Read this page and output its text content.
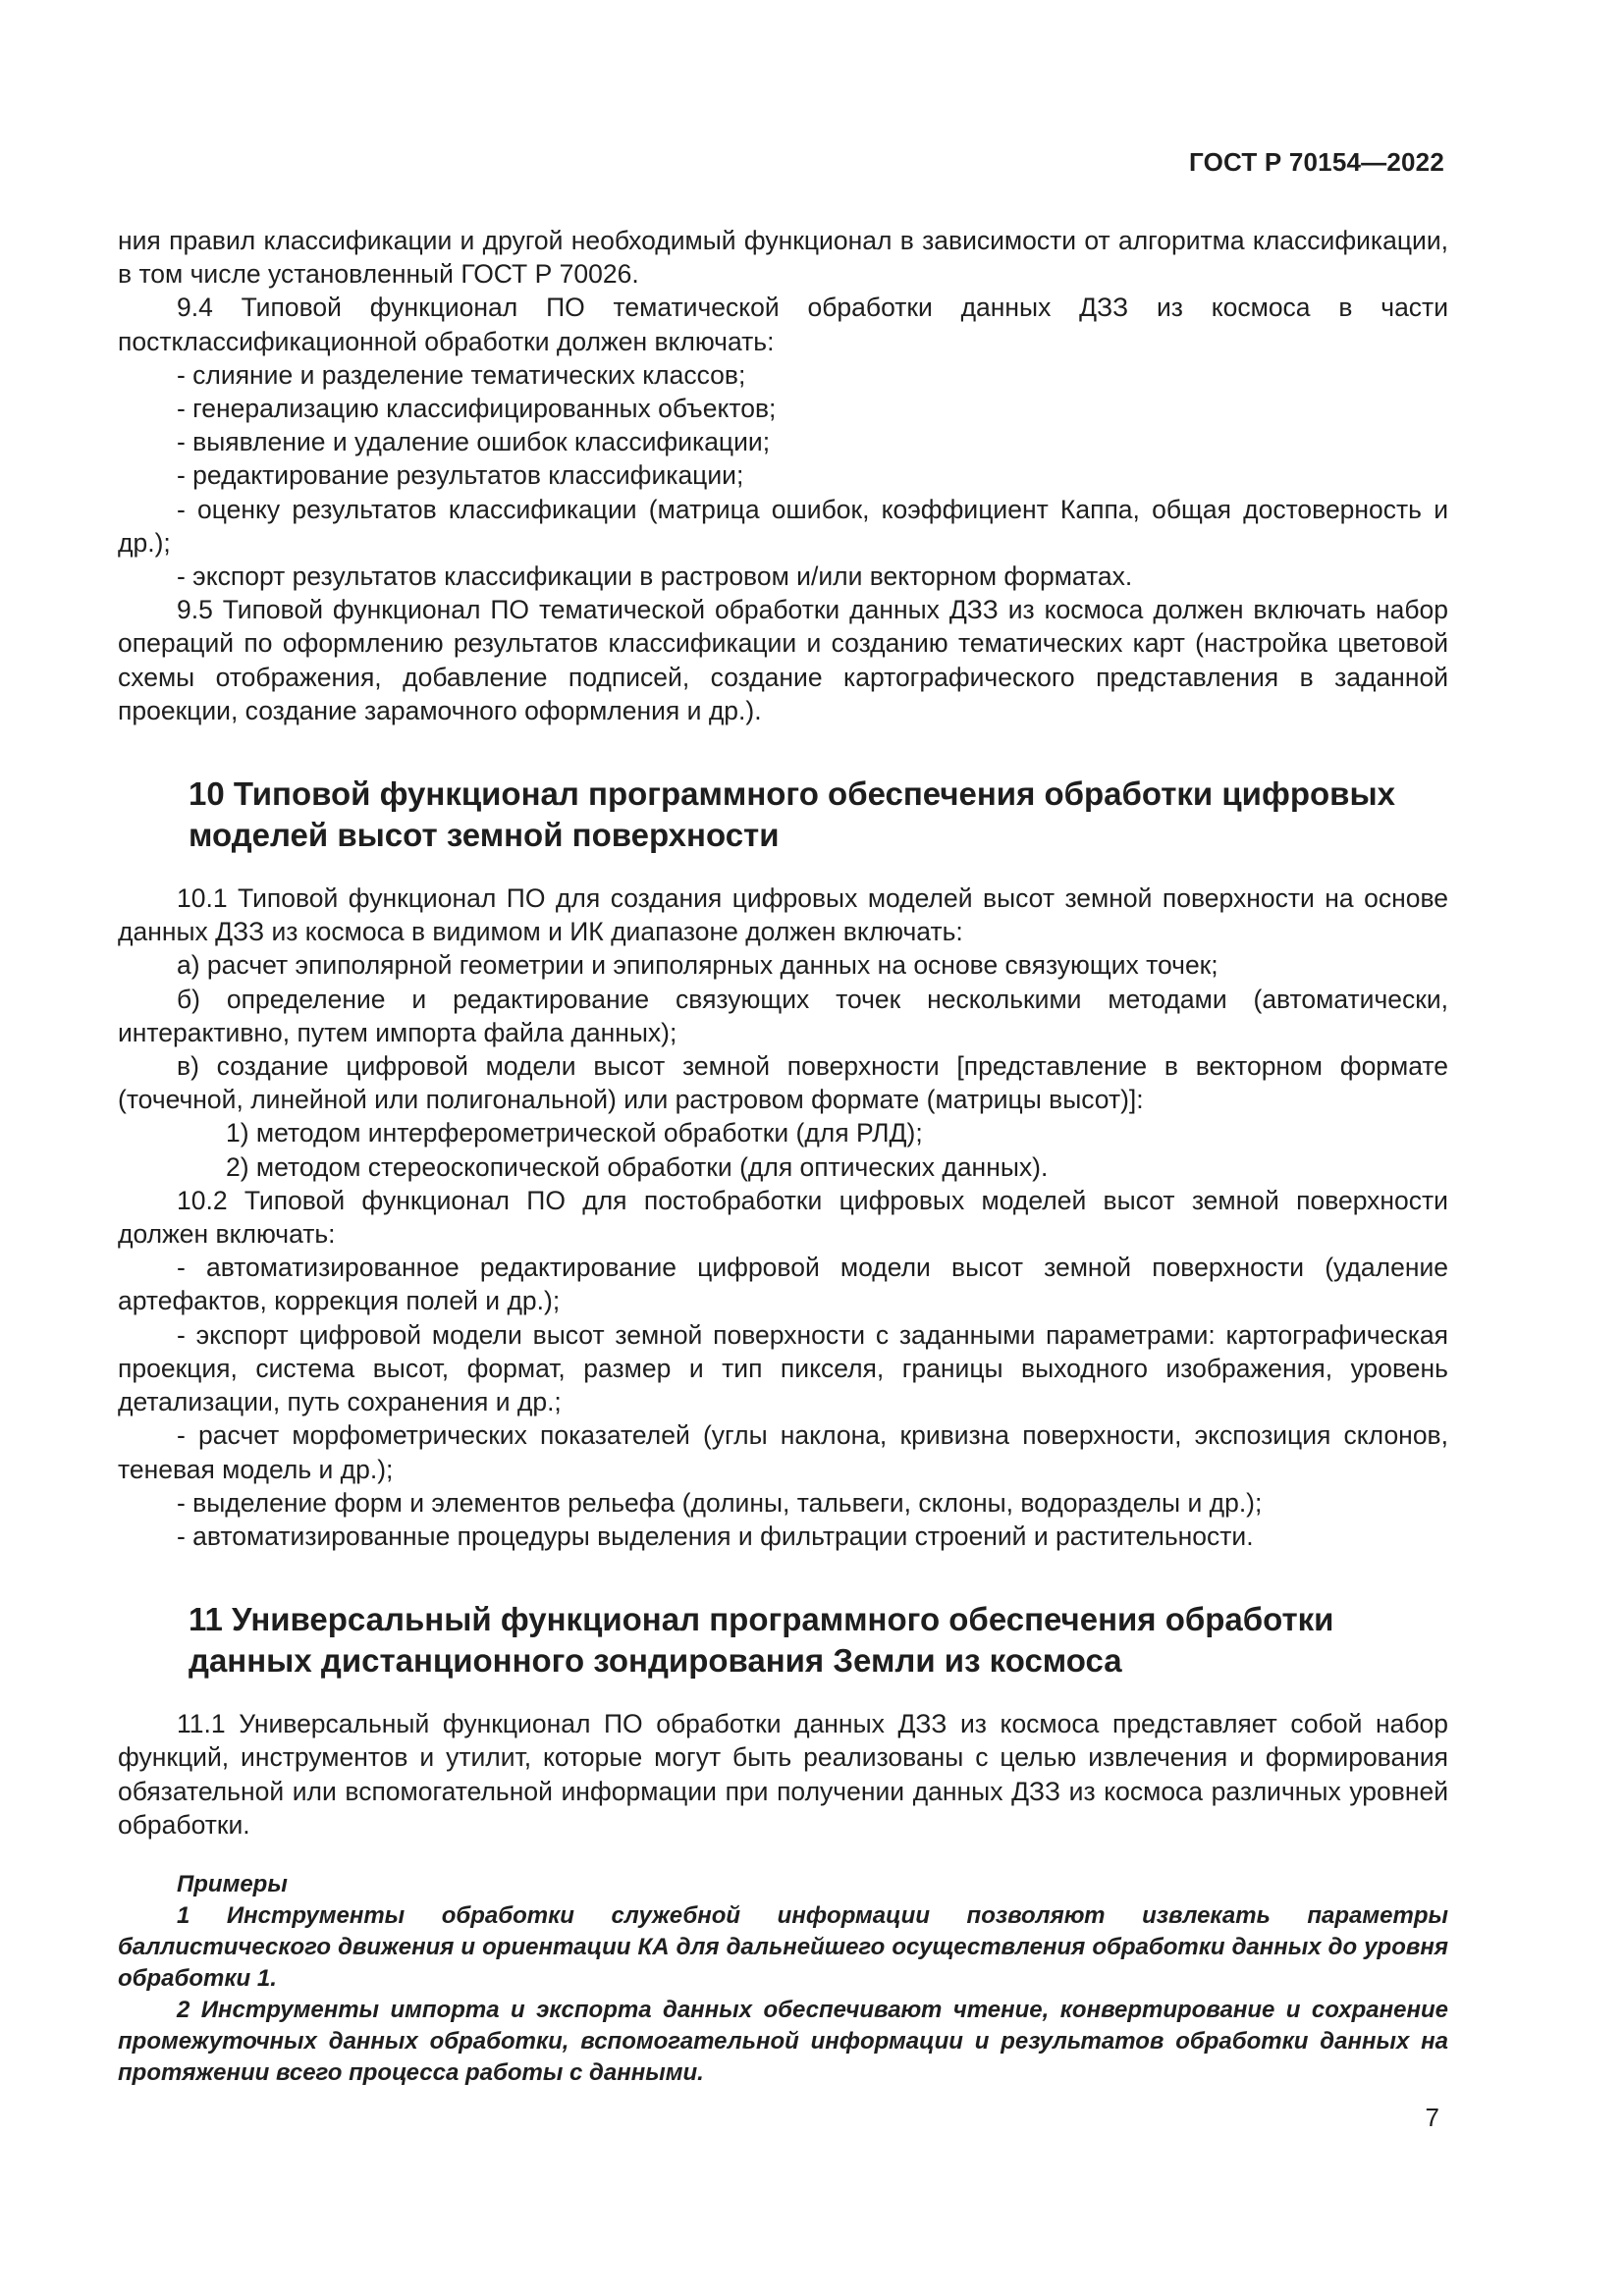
ГОСТ Р 70154—2022

ния правил классификации и другой необходимый функционал в зависимости от алгоритма классификации, в том числе установленный ГОСТ Р 70026.

9.4 Типовой функционал ПО тематической обработки данных ДЗЗ из космоса в части постклассификационной обработки должен включать:

- слияние и разделение тематических классов;

- генерализацию классифицированных объектов;

- выявление и удаление ошибок классификации;

- редактирование результатов классификации;

- оценку результатов классификации (матрица ошибок, коэффициент Каппа, общая достоверность и др.);

- экспорт результатов классификации в растровом и/или векторном форматах.

9.5 Типовой функционал ПО тематической обработки данных ДЗЗ из космоса должен включать набор операций по оформлению результатов классификации и созданию тематических карт (настройка цветовой схемы отображения, добавление подписей, создание картографического представления в заданной проекции, создание зарамочного оформления и др.).

10 Типовой функционал программного обеспечения обработки цифровых
моделей высот земной поверхности

10.1 Типовой функционал ПО для создания цифровых моделей высот земной поверхности на основе данных ДЗЗ из космоса в видимом и ИК диапазоне должен включать:

а) расчет эпиполярной геометрии и эпиполярных данных на основе связующих точек;

б) определение и редактирование связующих точек несколькими методами (автоматически, интерактивно, путем импорта файла данных);

в) создание цифровой модели высот земной поверхности [представление в векторном формате (точечной, линейной или полигональной) или растровом формате (матрицы высот)]:

1) методом интерферометрической обработки (для РЛД);

2) методом стереоскопической обработки (для оптических данных).

10.2 Типовой функционал ПО для постобработки цифровых моделей высот земной поверхности должен включать:

- автоматизированное редактирование цифровой модели высот земной поверхности (удаление артефактов, коррекция полей и др.);

- экспорт цифровой модели высот земной поверхности с заданными параметрами: картографическая проекция, система высот, формат, размер и тип пикселя, границы выходного изображения, уровень детализации, путь сохранения и др.;

- расчет морфометрических показателей (углы наклона, кривизна поверхности, экспозиция склонов, теневая модель и др.);

- выделение форм и элементов рельефа (долины, тальвеги, склоны, водоразделы и др.);

- автоматизированные процедуры выделения и фильтрации строений и растительности.

11 Универсальный функционал программного обеспечения обработки
данных дистанционного зондирования Земли из космоса

11.1 Универсальный функционал ПО обработки данных ДЗЗ из космоса представляет собой набор функций, инструментов и утилит, которые могут быть реализованы с целью извлечения и формирования обязательной или вспомогательной информации при получении данных ДЗЗ из космоса различных уровней обработки.

Примеры

1 Инструменты обработки служебной информации позволяют извлекать параметры баллистического движения и ориентации КА для дальнейшего осуществления обработки данных до уровня обработки 1.

2 Инструменты импорта и экспорта данных обеспечивают чтение, конвертирование и сохранение промежуточных данных обработки, вспомогательной информации и результатов обработки данных на протяжении всего процесса работы с данными.

7
